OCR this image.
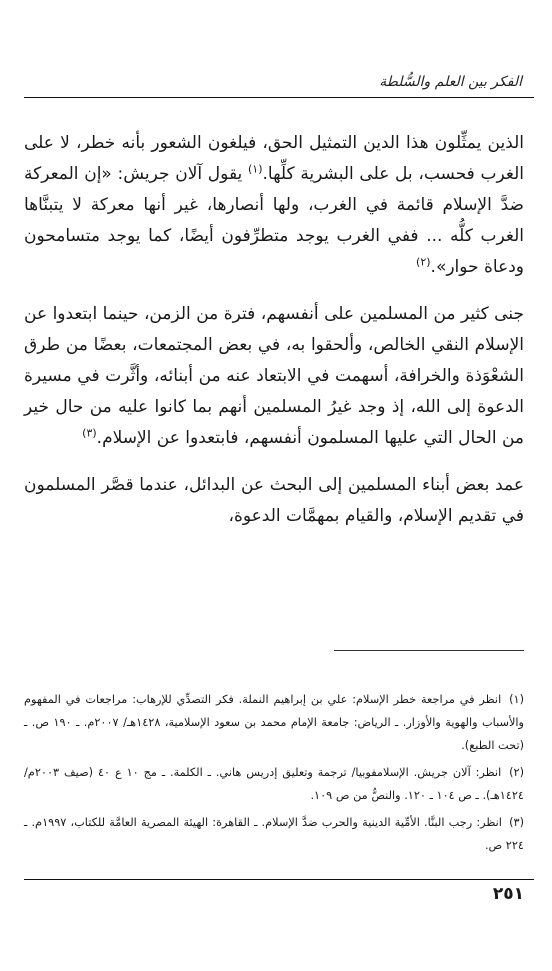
الفكر بين العلم والسُّلطة

الذين يمثِّلون هذا الدين التمثيل الحق، فيلغون الشعور بأنه خطر، لا على الغرب فحسب، بل على البشرية كلِّها.$^{(١)}$ يقول آلان جريش: «إن المعركة ضدَّ الإسلام قائمة في الغرب، ولها أنصارها، غير أنها معركة لا يتبنَّاها الغرب كلُّه ... ففي الغرب يوجد متطرِّفون أيضًا، كما يوجد متسامحون ودعاة حوار».$^{(٢)}$

جنى كثير من المسلمين على أنفسهم، فترة من الزمن، حينما ابتعدوا عن الإسلام النقي الخالص، وألحقوا به، في بعض المجتمعات، بعضًا من طرق الشعْوَذة والخرافة، أسهمت في الابتعاد عنه من أبنائه، وأثَّرت في مسيرة الدعوة إلى الله، إذ وجد غيرُ المسلمين أنهم بما كانوا عليه من حال خير من الحال التي عليها المسلمون أنفسهم، فابتعدوا عن الإسلام.$^{(٣)}$

عمد بعض أبناء المسلمين إلى البحث عن البدائل، عندما قصَّر المسلمون في تقديم الإسلام، والقيام بمهمَّات الدعوة،

(١) انظر في مراجعة خطر الإسلام: علي بن إبراهيم النملة. فكر التصدِّي للإرهاب: مراجعات في المفهوم والأسباب والهوية والأوزار. ـ الرياض: جامعة الإمام محمد بن سعود الإسلامية، ١٤٢٨هـ/ ٢٠٠٧م. ـ ١٩٠ ص. ـ (تحت الطبع).
(٢) انظر: آلان جريش. الإسلامفوبيا/ ترجمة وتعليق إدريس هاني. ـ الكلمة. ـ مج ١٠ ع ٤٠ (صيف ٢٠٠٣م/ ١٤٢٤هـ). ـ ص ١٠٤ ـ ١٢٠. والنصُّ من ص ١٠٩.
(٣) انظر: رجب البنَّا. الأمِّية الدينية والحرب ضدَّ الإسلام. ـ القاهرة: الهيئة المصرية العامَّة للكتاب، ١٩٩٧م. ـ ٢٢٤ ص.
٢٥١
